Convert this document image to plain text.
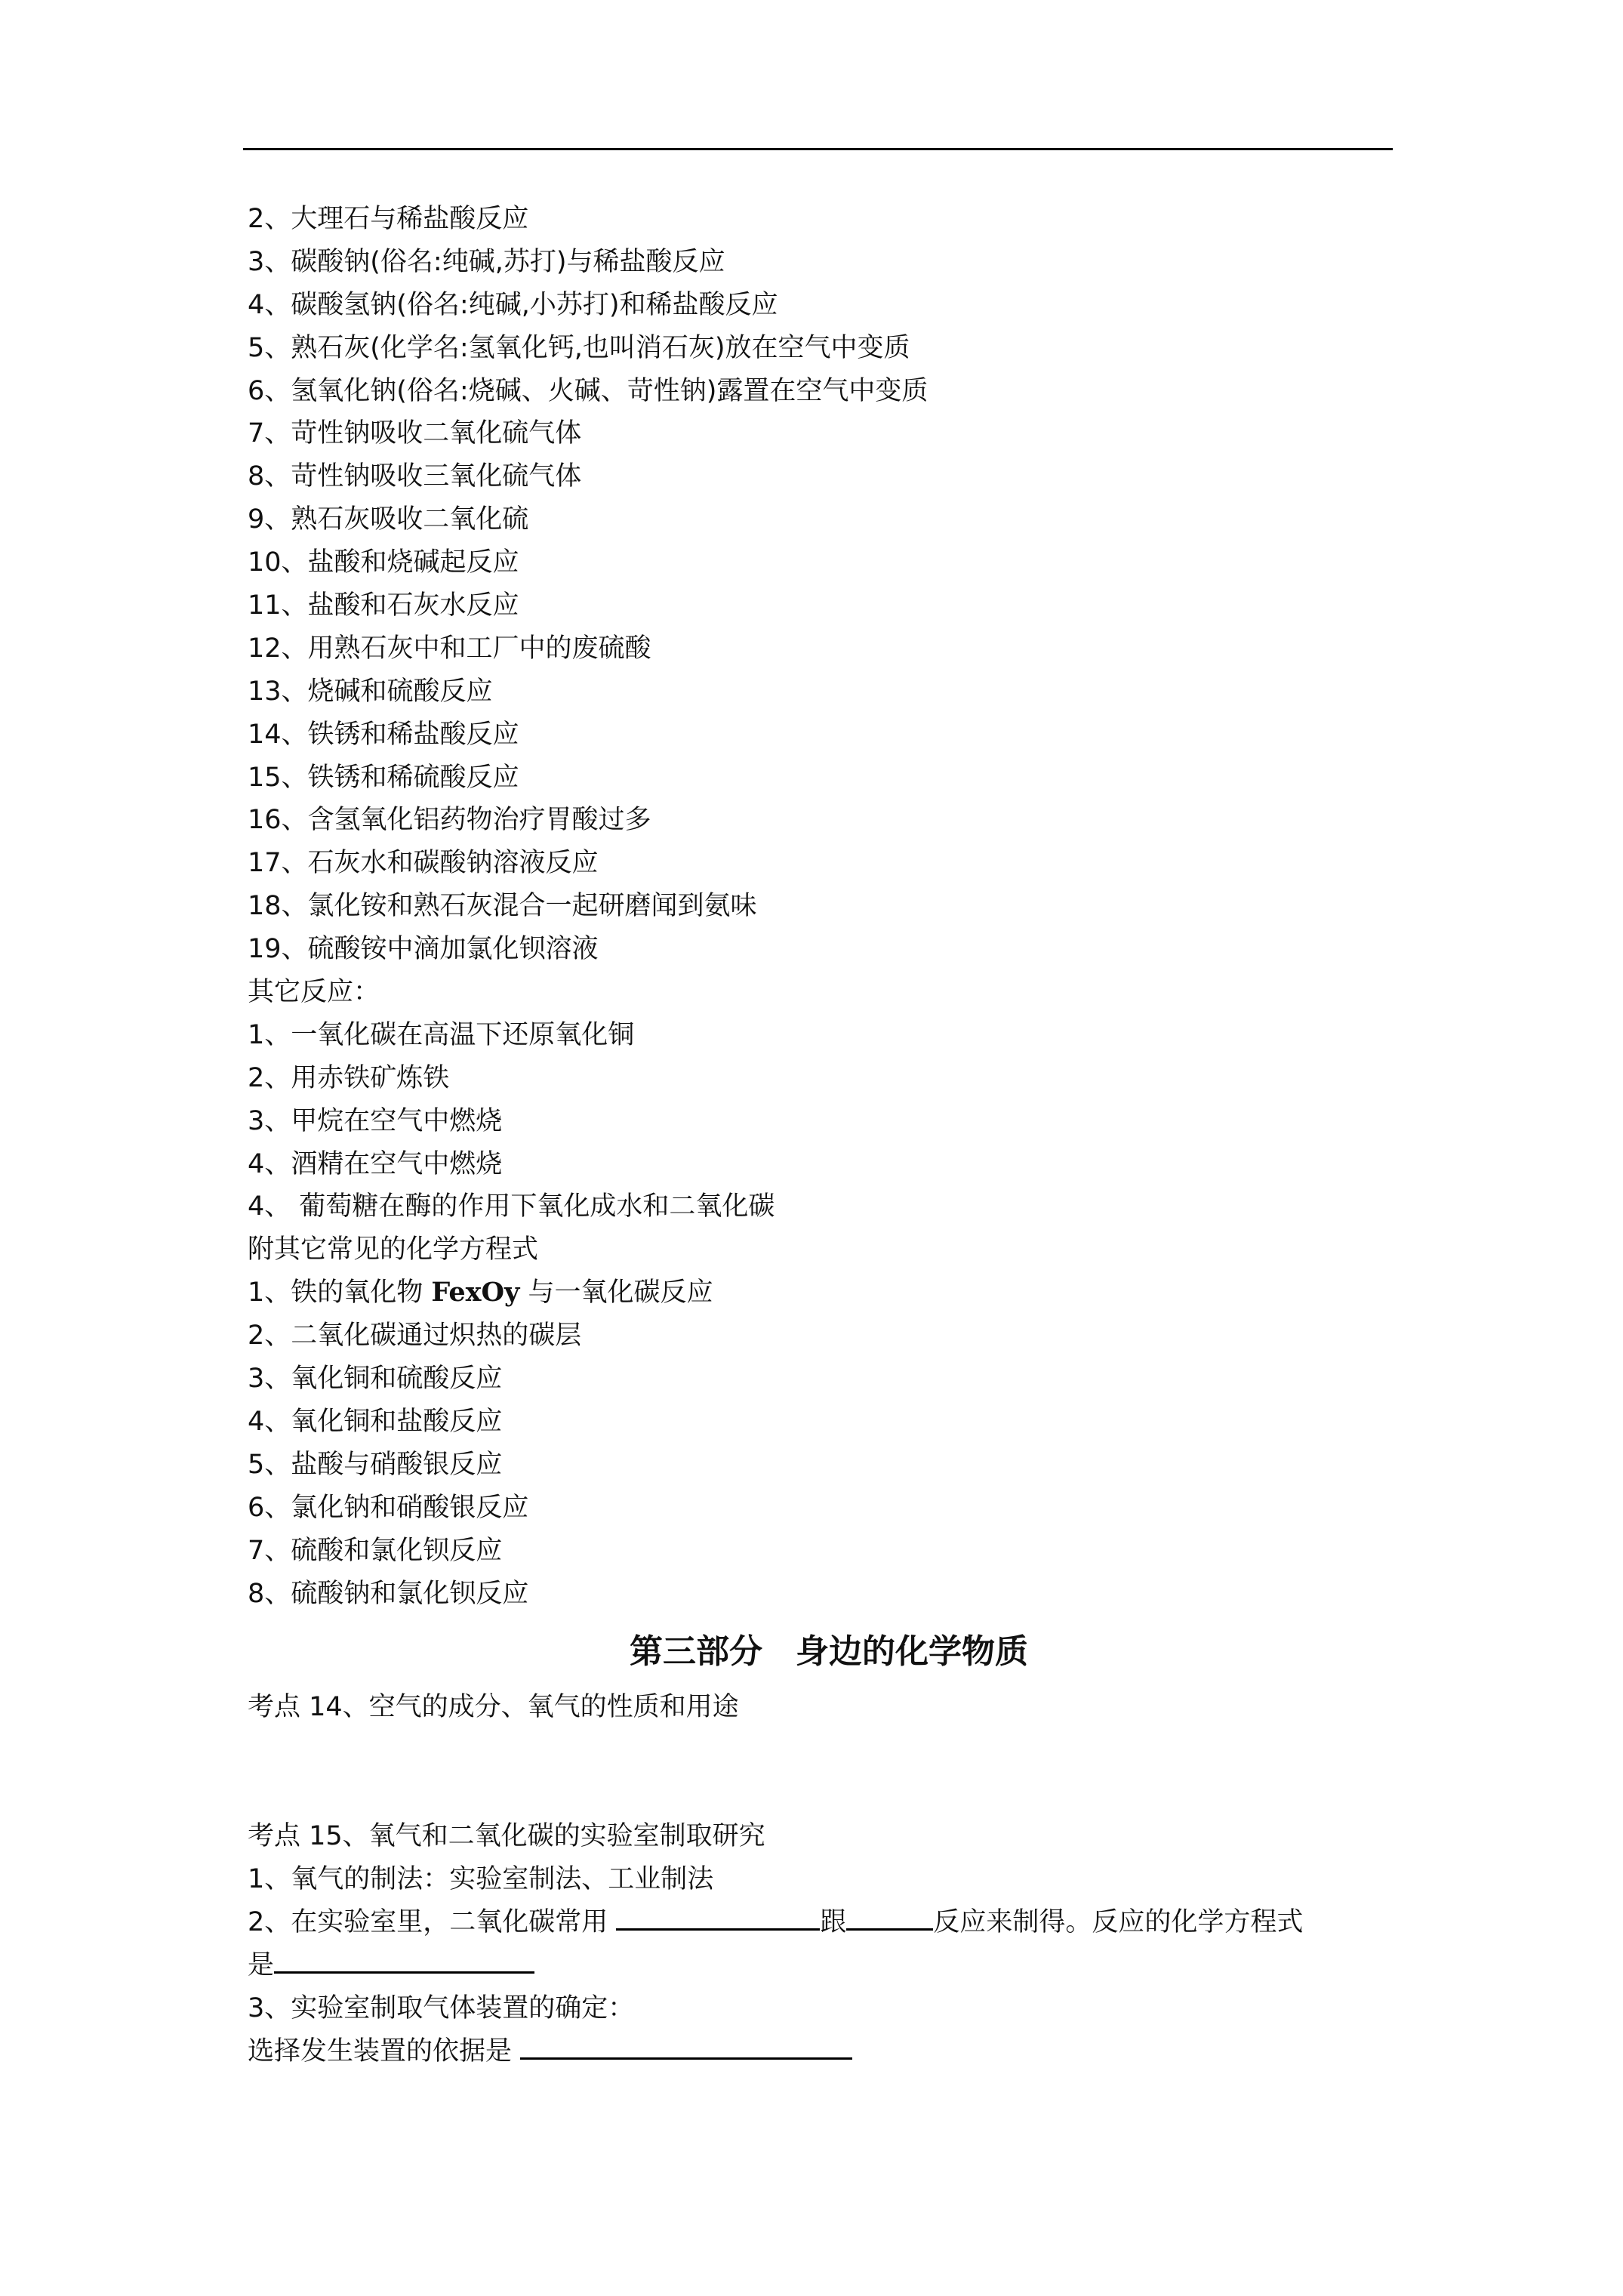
2、大理石与稀盐酸反应
3、碳酸钠(俗名:纯碱,苏打)与稀盐酸反应
4、碳酸氢钠(俗名:纯碱,小苏打)和稀盐酸反应
5、熟石灰(化学名:氢氧化钙,也叫消石灰)放在空气中变质
6、氢氧化钠(俗名:烧碱、火碱、苛性钠)露置在空气中变质
7、苛性钠吸收二氧化硫气体
8、苛性钠吸收三氧化硫气体
9、熟石灰吸收二氧化硫
10、盐酸和烧碱起反应
11、盐酸和石灰水反应
12、用熟石灰中和工厂中的废硫酸
13、烧碱和硫酸反应
14、铁锈和稀盐酸反应
15、铁锈和稀硫酸反应
16、含氢氧化铝药物治疗胃酸过多
17、石灰水和碳酸钠溶液反应
18、氯化铵和熟石灰混合一起研磨闻到氨味
19、硫酸铵中滴加氯化钡溶液
其它反应：
1、一氧化碳在高温下还原氧化铜
2、用赤铁矿炼铁
3、甲烷在空气中燃烧
4、酒精在空气中燃烧
4、 葡萄糖在酶的作用下氧化成水和二氧化碳
附其它常见的化学方程式
1、铁的氧化物 FexOy 与一氧化碳反应
2、二氧化碳通过炽热的碳层
3、氧化铜和硫酸反应
4、氧化铜和盐酸反应
5、盐酸与硝酸银反应
6、氯化钠和硝酸银反应
7、硫酸和氯化钡反应
8、硫酸钠和氯化钡反应
第三部分　身边的化学物质
考点 14、空气的成分、氧气的性质和用途
考点 15、氧气和二氧化碳的实验室制取研究
1、氧气的制法：实验室制法、工业制法
2、在实验室里，二氧化碳常用	跟	反应来制得。反应的化学方程式
是
3、实验室制取气体装置的确定：
选择发生装置的依据是
